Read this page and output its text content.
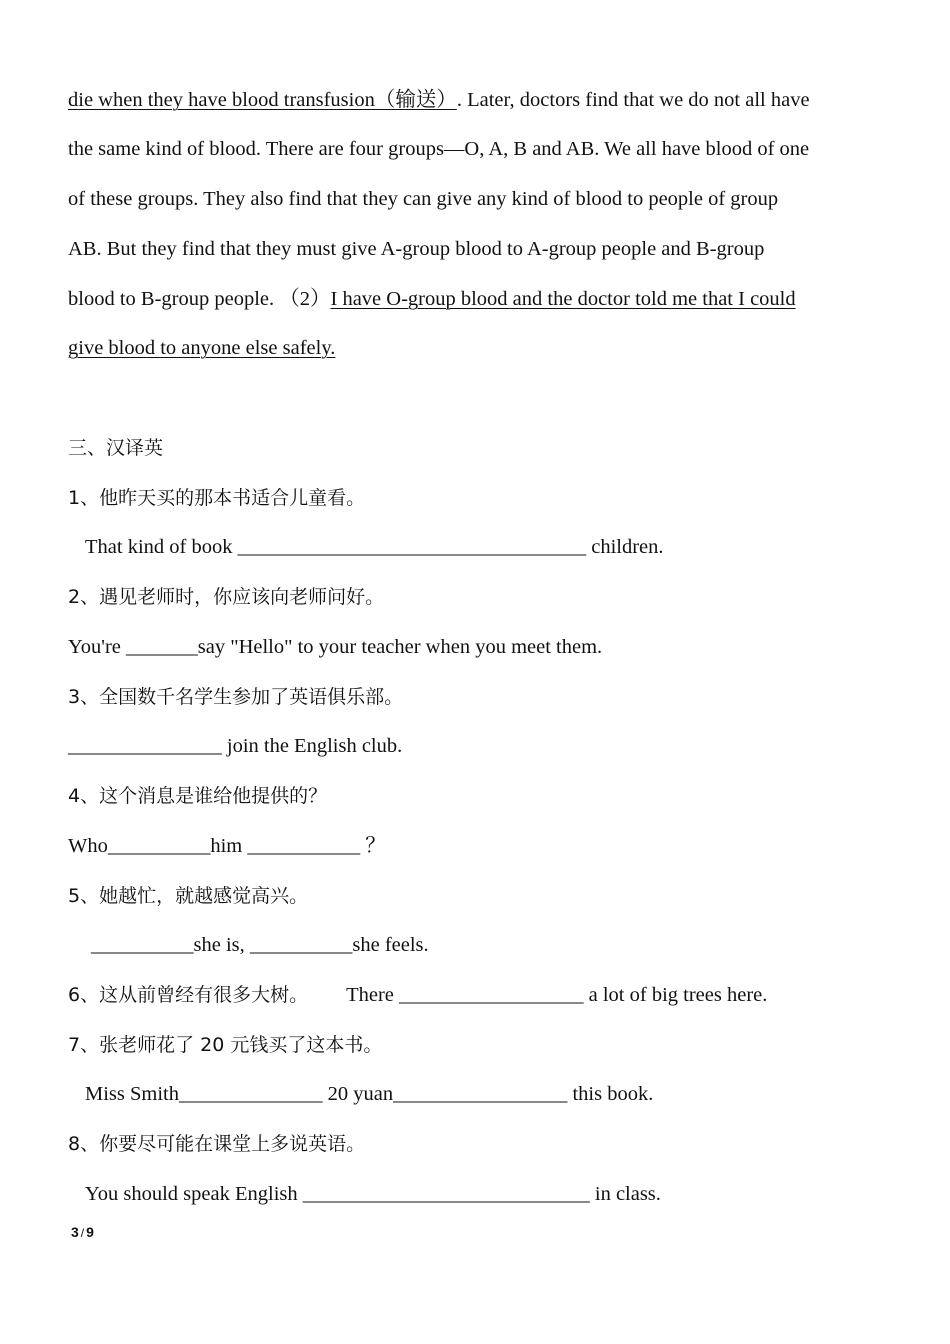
die when they have blood transfusion（输送）. Later, doctors find that we do not all have
the same kind of blood. There are four groups—O, A, B and AB. We all have blood of one
of these groups. They also find that they can give any kind of blood to people of group
AB. But they find that they must give A-group blood to A-group people and B-group
blood to B-group people. （2）I have O-group blood and the doctor told me that I could
give blood to anyone else safely.
三、汉译英
1、他昨天买的那本书适合儿童看。
That kind of book __________________________________ children.
2、遇见老师时，你应该向老师问好。
You're _______say "Hello" to your teacher when you meet them.
3、全国数千名学生参加了英语俱乐部。
_______________ join the English club.
4、这个消息是谁给他提供的？
Who__________him ___________ ？
5、她越忙，就越感觉高兴。
__________she is, __________she feels.
6、这从前曾经有很多大树。 There __________________ a lot of big trees here.
7、张老师花了 20 元钱买了这本书。
Miss Smith______________ 20 yuan_________________ this book.
8、你要尽可能在课堂上多说英语。
You should speak English ____________________________ in class.
3 / 9
